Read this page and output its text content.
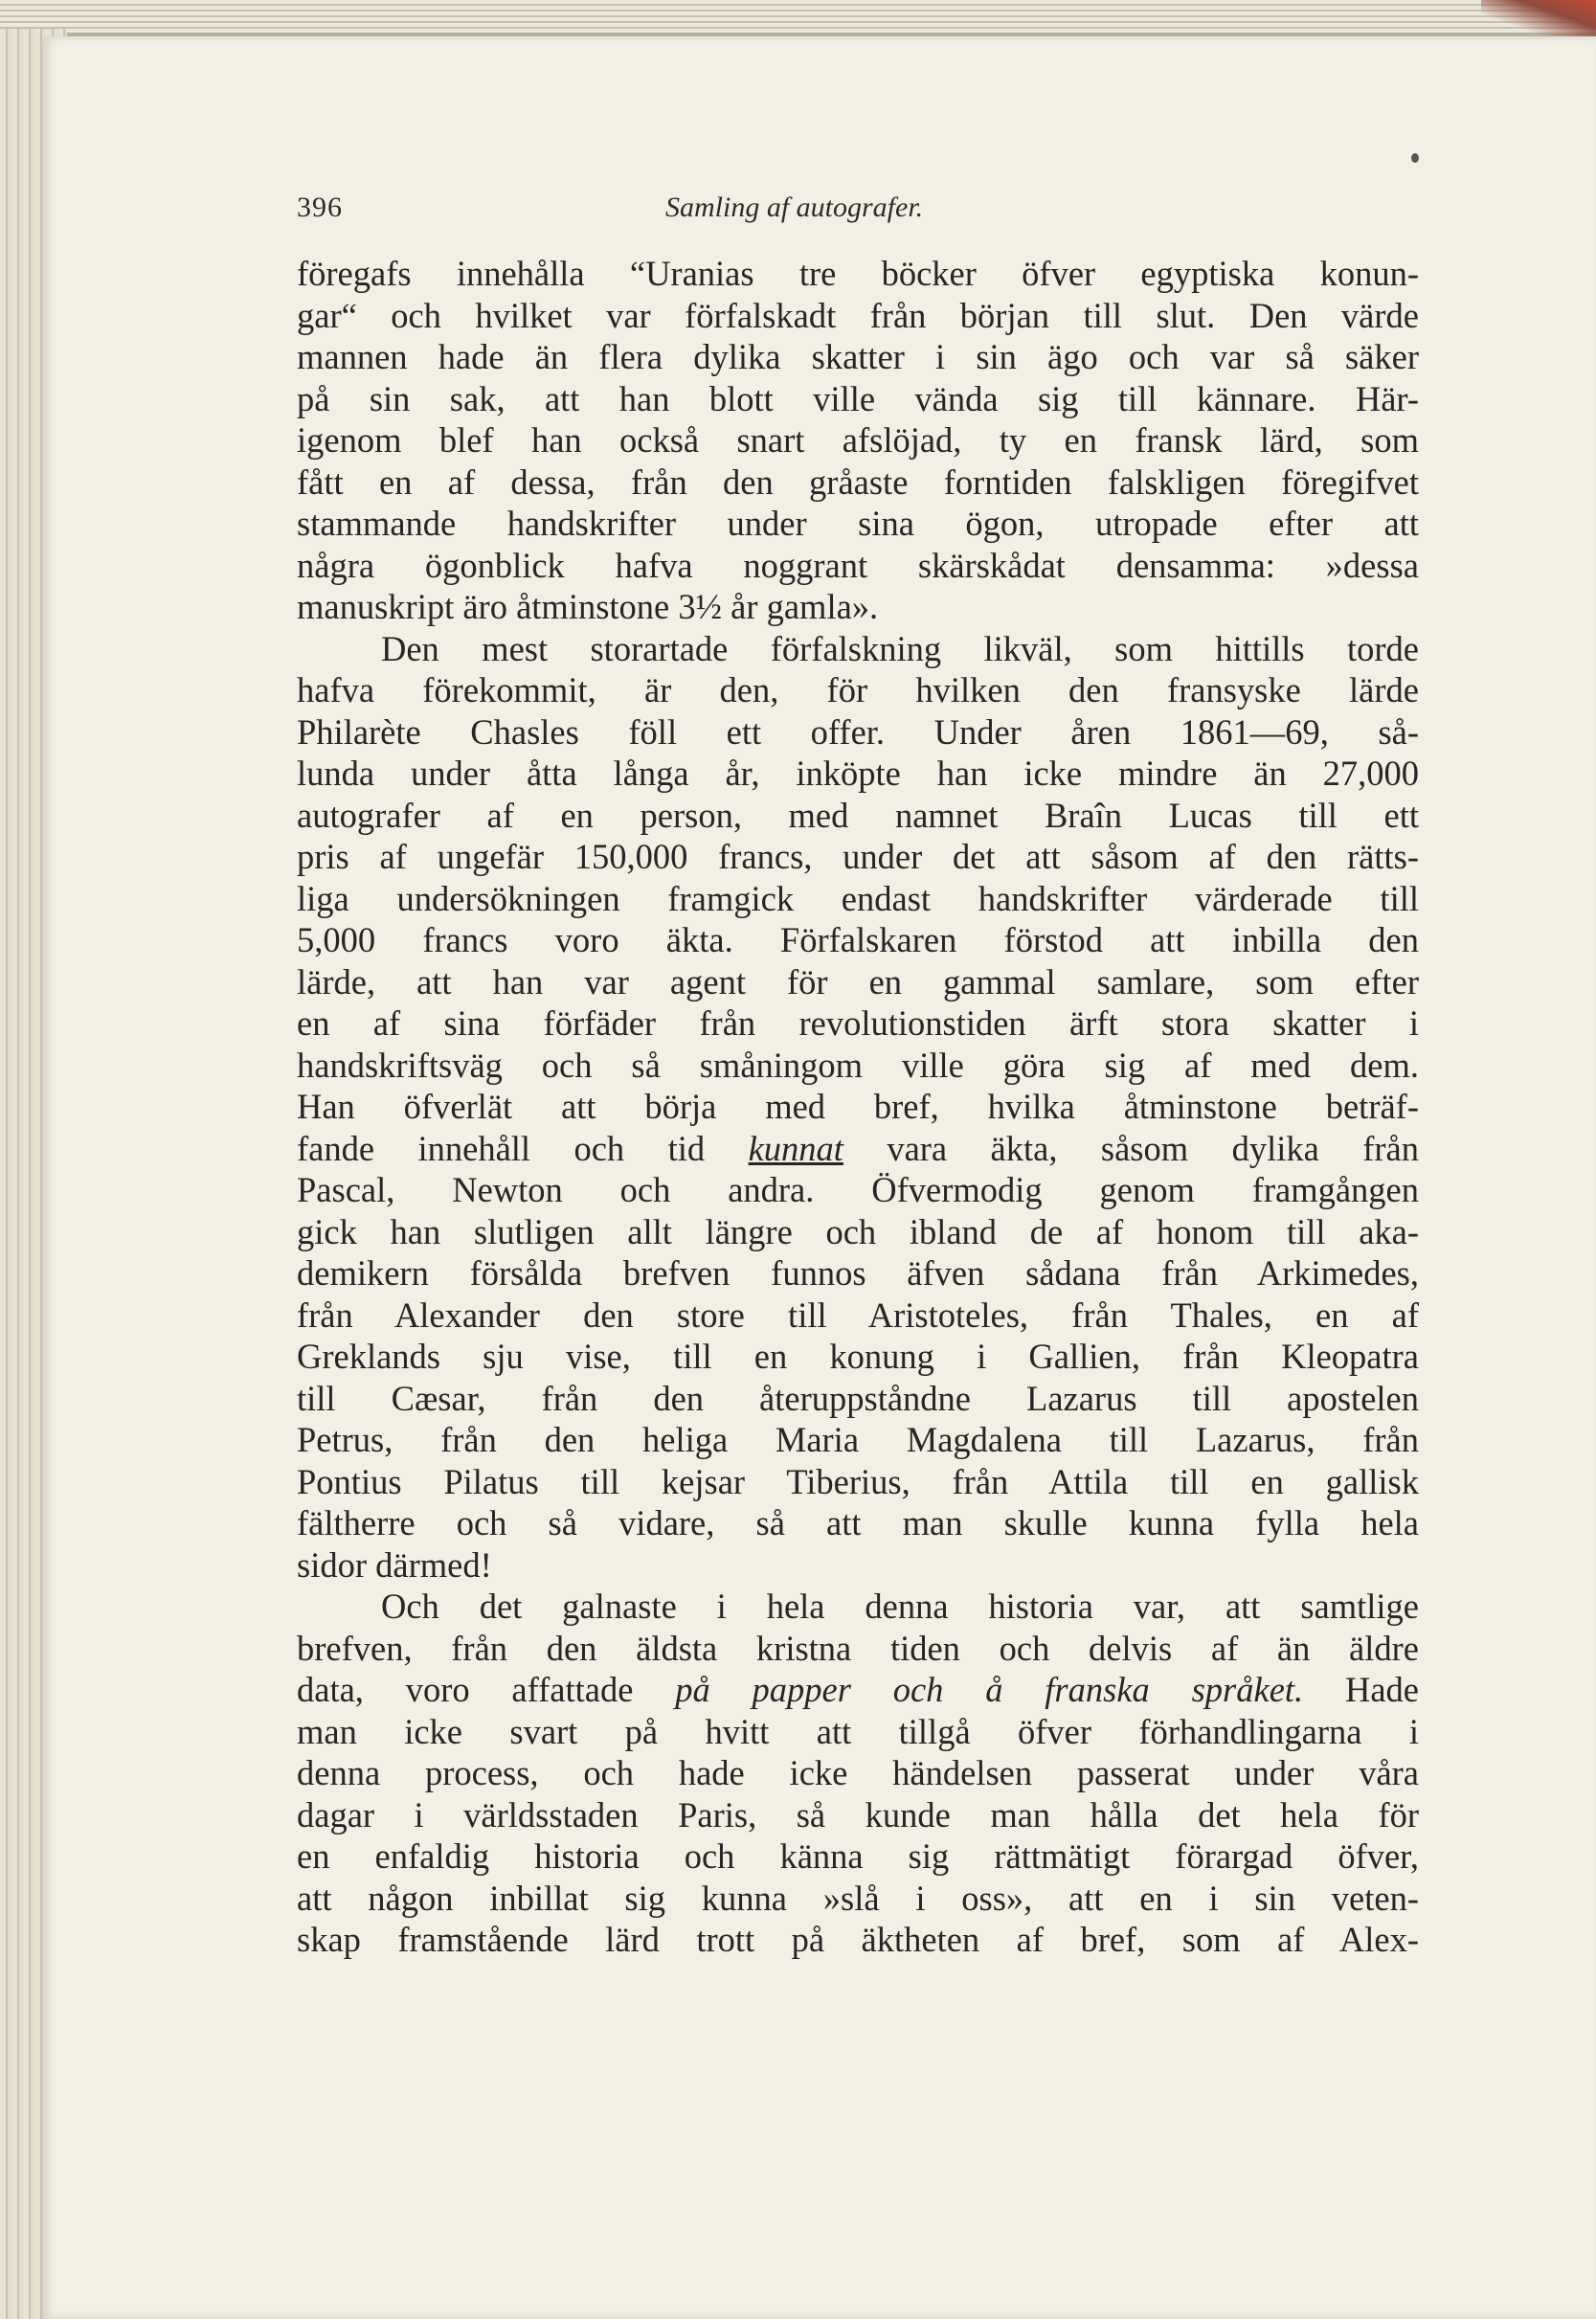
396	Samling af autografer.
föregafs innehålla “Uranias tre böcker öfver egyptiska konun-
gar“ och hvilket var förfalskadt från början till slut. Den värde
mannen hade än flera dylika skatter i sin ägo och var så säker
på sin sak, att han blott ville vända sig till kännare. Här-
igenom blef han också snart afslöjad, ty en fransk lärd, som
fått en af dessa, från den gråaste forntiden falskligen föregifvet
stammande handskrifter under sina ögon, utropade efter att
några ögonblick hafva noggrant skärskådat densamma: »dessa
manuskript äro åtminstone 3½ år gamla».
Den mest storartade förfalskning likväl, som hittills torde
hafva förekommit, är den, för hvilken den fransyske lärde
Philarète Chasles föll ett offer. Under åren 1861—69, så-
lunda under åtta långa år, inköpte han icke mindre än 27,000
autografer af en person, med namnet Braîn Lucas till ett
pris af ungefär 150,000 francs, under det att såsom af den rätts-
liga undersökningen framgick endast handskrifter värderade till
5,000 francs voro äkta. Förfalskaren förstod att inbilla den
lärde, att han var agent för en gammal samlare, som efter
en af sina förfäder från revolutionstiden ärft stora skatter i
handskriftsväg och så småningom ville göra sig af med dem.
Han öfverlät att börja med bref, hvilka åtminstone beträf-
fande innehåll och tid kunnat vara äkta, såsom dylika från
Pascal, Newton och andra. Öfvermodig genom framgången
gick han slutligen allt längre och ibland de af honom till aka-
demikern försålda brefven funnos äfven sådana från Arkimedes,
från Alexander den store till Aristoteles, från Thales, en af
Greklands sju vise, till en konung i Gallien, från Kleopatra
till Cæsar, från den återuppståndne Lazarus till apostelen
Petrus, från den heliga Maria Magdalena till Lazarus, från
Pontius Pilatus till kejsar Tiberius, från Attila till en gallisk
fältherre och så vidare, så att man skulle kunna fylla hela
sidor därmed!
Och det galnaste i hela denna historia var, att samtlige
brefven, från den äldsta kristna tiden och delvis af än äldre
data, voro affattade på papper och å franska språket. Hade
man icke svart på hvitt att tillgå öfver förhandlingarna i
denna process, och hade icke händelsen passerat under våra
dagar i världsstaden Paris, så kunde man hålla det hela för
en enfaldig historia och känna sig rättmätigt förargad öfver,
att någon inbillat sig kunna »slå i oss», att en i sin veten-
skap framstående lärd trott på äktheten af bref, som af Alex-
